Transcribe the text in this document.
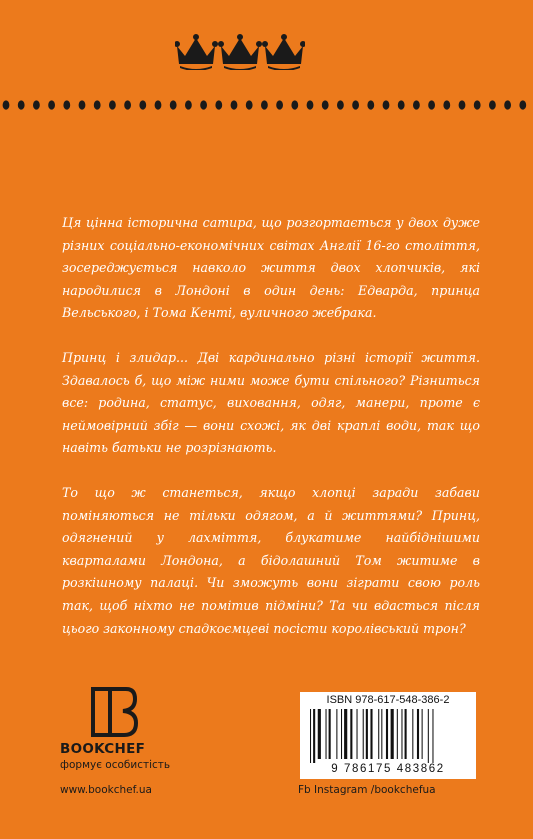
Ця цінна історична сатира, що розгортається у двох дуже різних соціально-економічних світах Англії 16-го століття, зосереджується навколо життя двох хлопчиків, які народилися в Лондоні в один день: Едварда, принца Вельського, і Тома Кенті, вуличного жебрака.

Принц і злидар... Дві кардинально різні історії життя. Здавалось б, що між ними може бути спільного? Різниться все: родина, статус, виховання, одяг, манери, проте є неймовірний збіг — вони схожі, як дві краплі води, так що навіть батьки не розрізнають.

То що ж станеться, якщо хлопці заради забави поміняються не тільки одягом, а й життями? Принц, одягнений у лахміття, блукатиме найбіднішими кварталами Лондона, а бідолашний Том житиме в розкішному палаці. Чи зможуть вони зіграти свою роль так, щоб ніхто не помітив підміни? Та чи вдасться після цього законному спадкоємцеві посісти королівський трон?

BOOKCHEF
формує особистість
www.bookchef.ua
ISBN 978-617-548-386-2
9 786175 483862
Fb Instagram /bookchefua
